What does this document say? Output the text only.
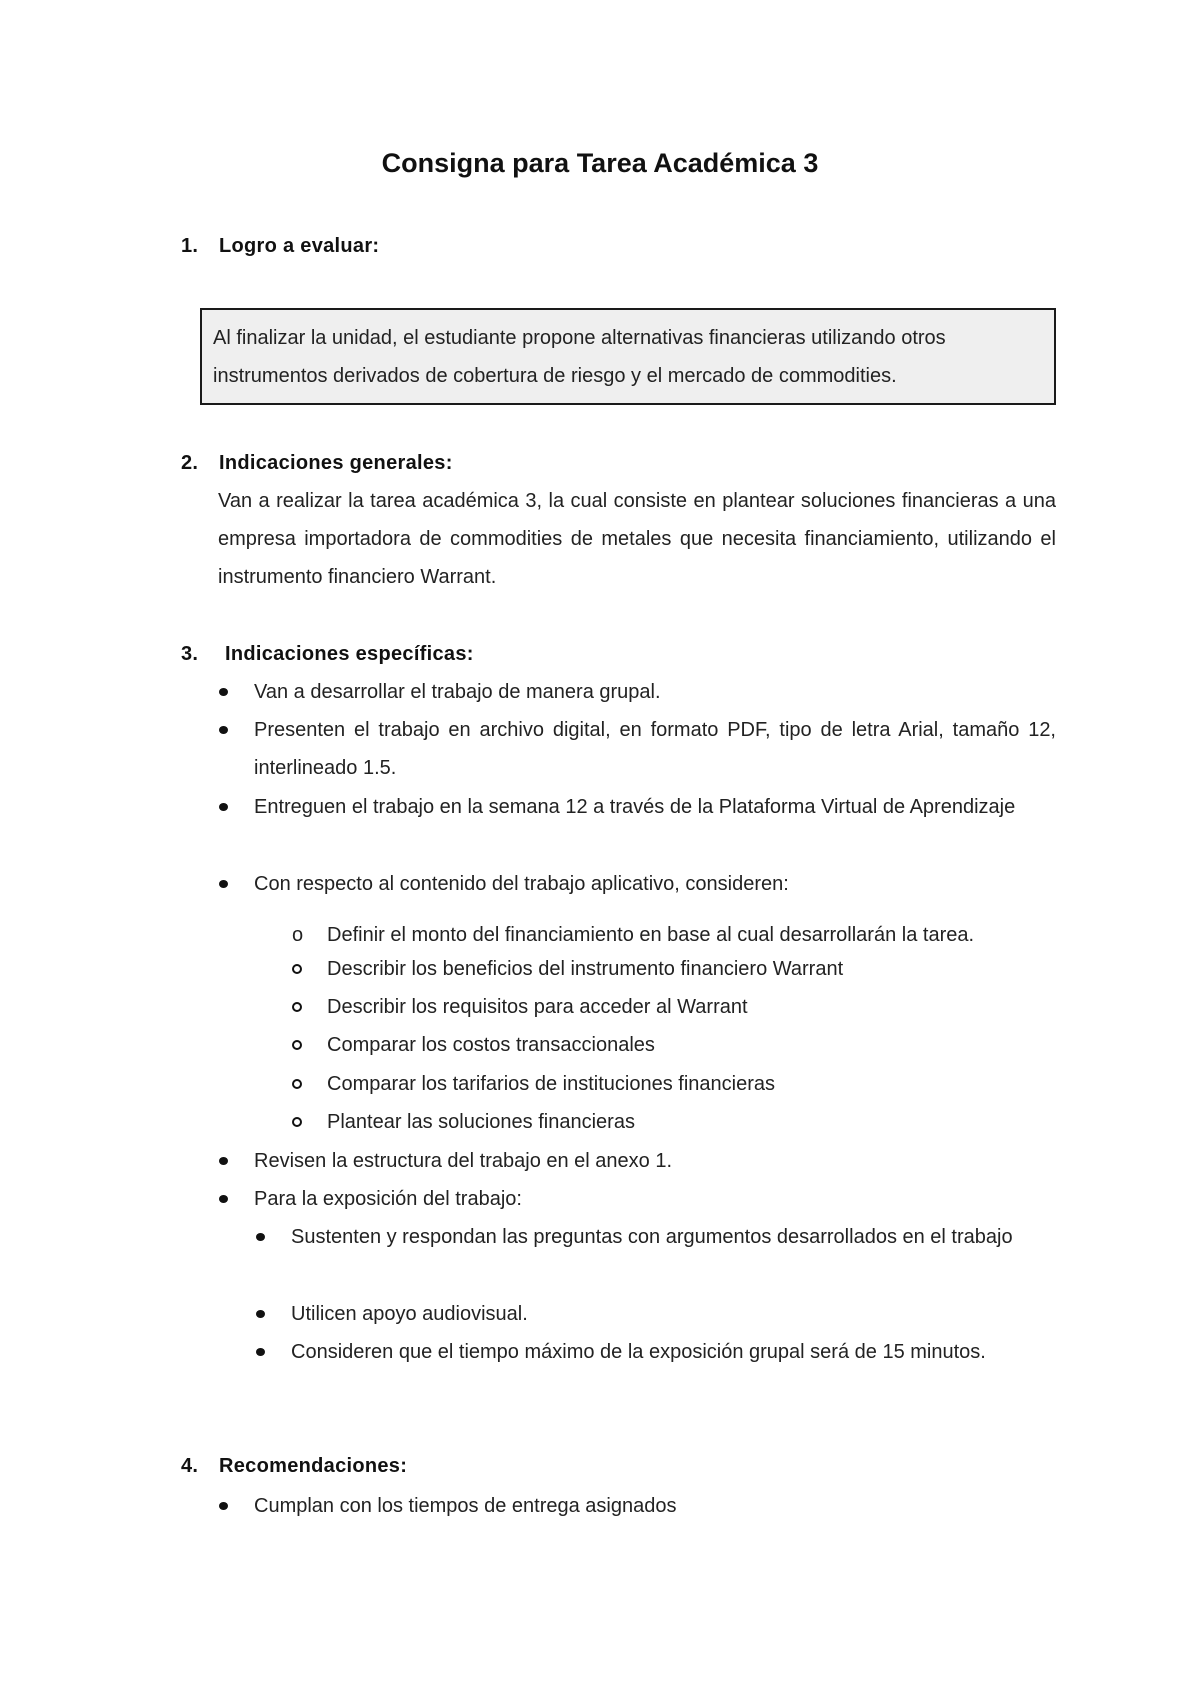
Consigna para Tarea Académica 3
1. Logro a evaluar:
Al finalizar la unidad, el estudiante propone alternativas financieras utilizando otros instrumentos derivados de cobertura de riesgo y el mercado de commodities.
2. Indicaciones generales:
Van a realizar la tarea académica 3, la cual consiste en plantear soluciones financieras a una empresa importadora de commodities de metales que necesita financiamiento, utilizando el instrumento financiero Warrant.
3. Indicaciones específicas:
Van a desarrollar el trabajo de manera grupal.
Presenten el trabajo en archivo digital, en formato PDF, tipo de letra Arial, tamaño 12, interlineado 1.5.
Entreguen el trabajo en la semana 12 a través de la Plataforma Virtual de Aprendizaje
Con respecto al contenido del trabajo aplicativo, consideren:
o Definir el monto del financiamiento en base al cual desarrollarán la tarea.
Describir los beneficios del instrumento financiero Warrant
Describir los requisitos para acceder al Warrant
Comparar los costos transaccionales
Comparar los tarifarios de instituciones financieras
Plantear las soluciones financieras
Revisen la estructura del trabajo en el anexo 1.
Para la exposición del trabajo:
Sustenten y respondan las preguntas con argumentos desarrollados en el trabajo
Utilicen apoyo audiovisual.
Consideren que el tiempo máximo de la exposición grupal será de 15 minutos.
4. Recomendaciones:
Cumplan con los tiempos de entrega asignados
